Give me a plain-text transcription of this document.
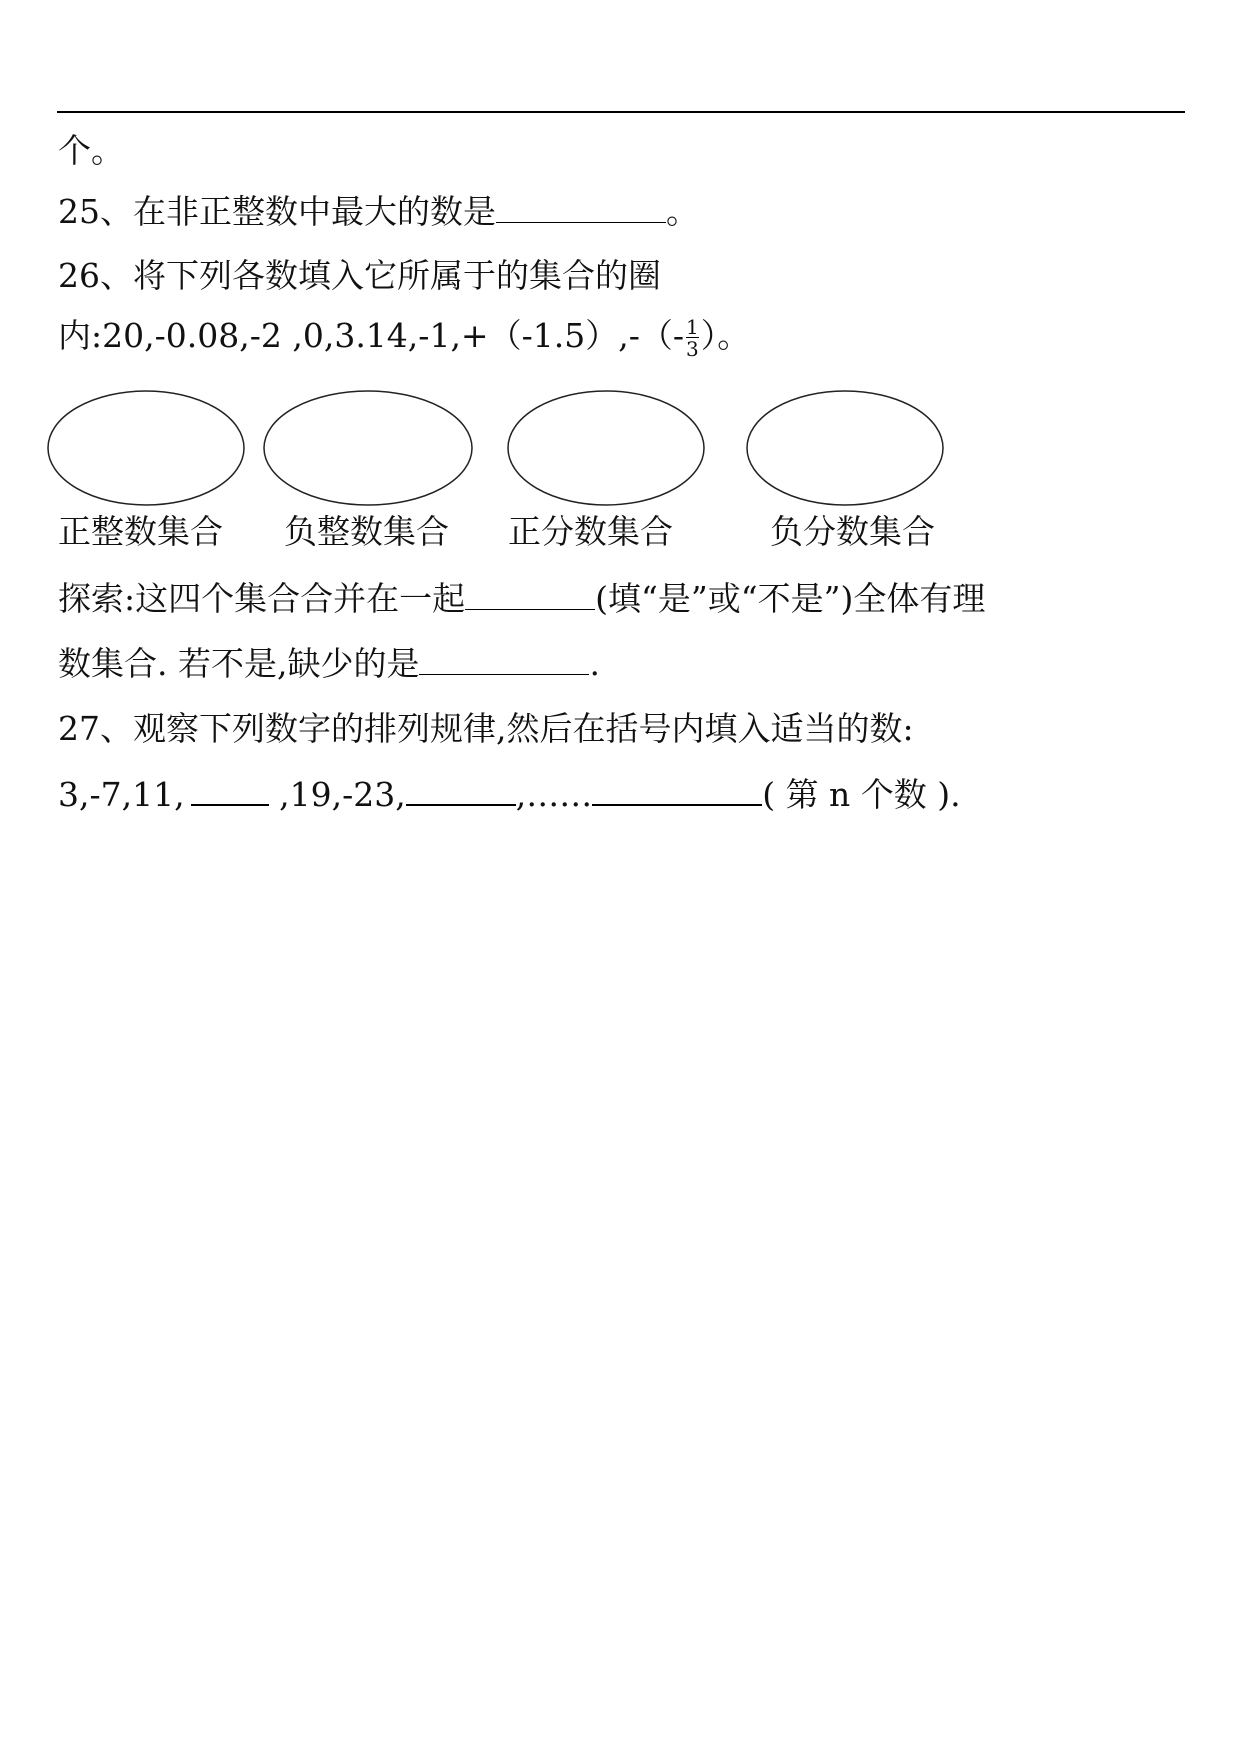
个。
25、在非正整数中最大的数是	。
26、将下列各数填入它所属于的集合的圈
内:20,-0.08,-2 $,0,3.14,-1,+(-1.5),-(- \frac{1}{3}$ ）。
正整数集合 负整数集合 正分数集合	负分数集合
探索:这四个集合合并在一起	(填“是”或“不是”)全体有理
数集合. 若不是,缺少的是	.
27、观察下列数字的排列规律,然后在括号内填入适当的数:
3,-7,11,	,19,-23,	,……	( 第 n 个数 ).
